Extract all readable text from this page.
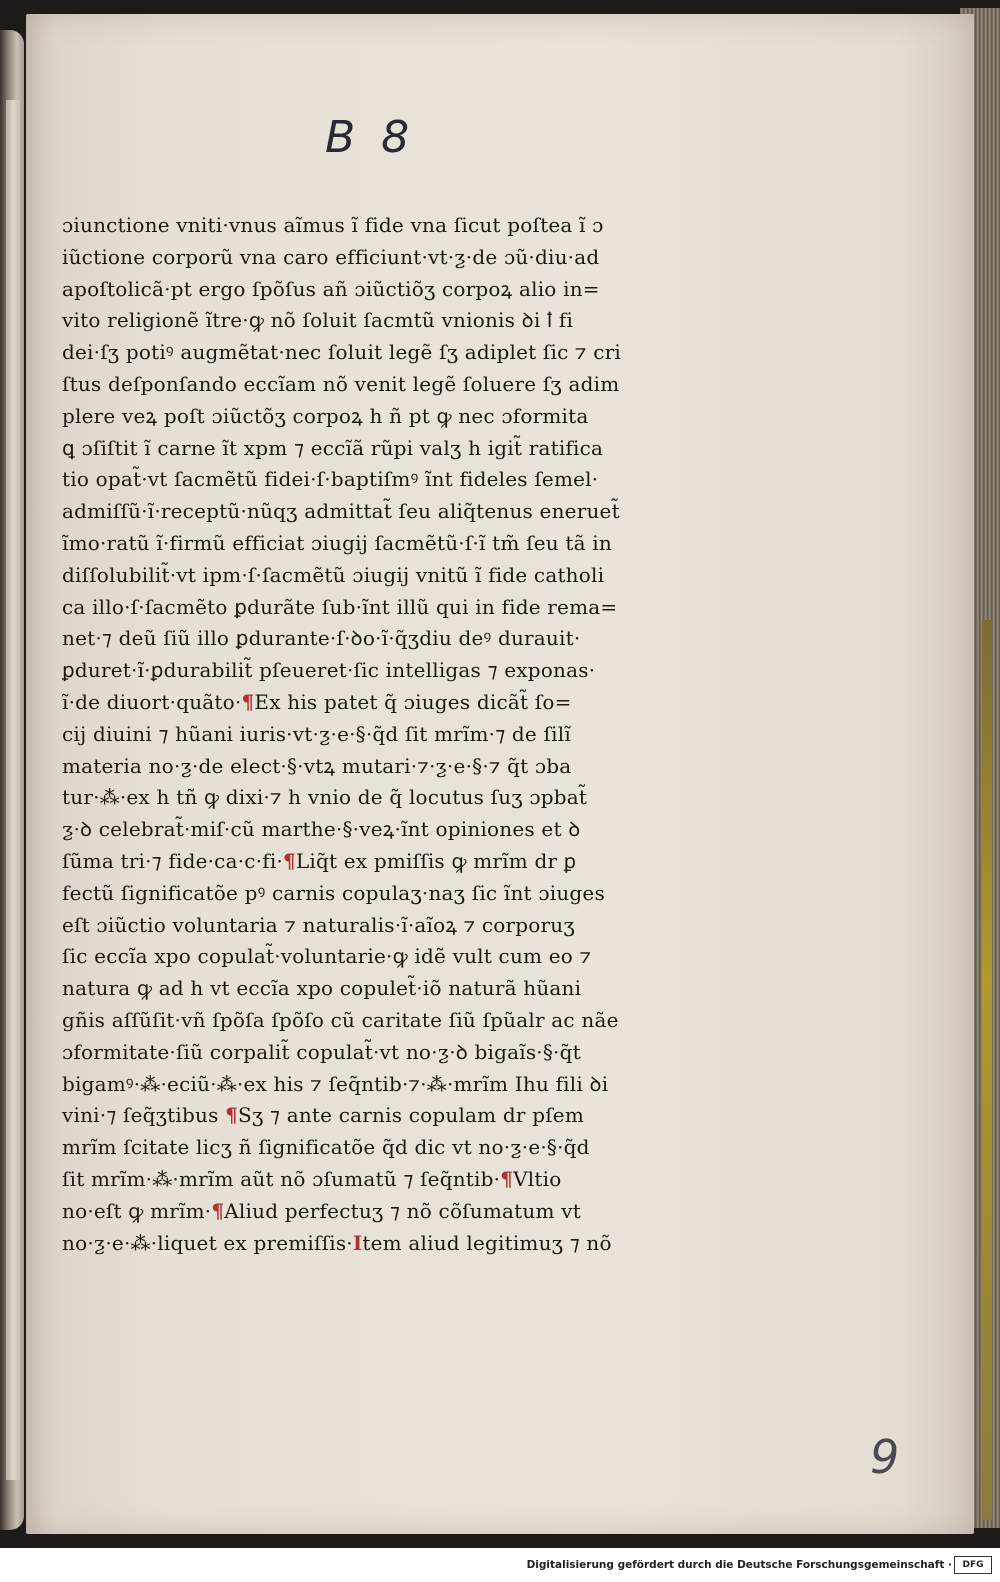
B 8
ɔiunctione vniti·vnus aĩmus ĩ fide vna ſicut poſtea ĩ ɔ
iũctione corporũ vna caro efficiunt·vt·ƺ·de ɔũ·diu·ad
apoſtolicã·pt ergo ſpõſus añ ɔiũctiõʒ corpoꝝ alio in=
vito religionẽ ĩtre·ꝙ nõ ſoluit ſacmtũ vnionis ꝺi ꝉ fi
dei·ſʒ potiꝰ augmẽtat·nec ſoluit legẽ ſʒ adiplet ſic ⁊ cri
ſtus deſponſando eccĩam nõ venit legẽ ſoluere ſʒ adim
plere veꝝ poſt ɔiũctõʒ corpoꝝ h ñ pt ꝙ nec ɔformita
ꝗ ɔſiſtit ĩ carne ĩt xpm ⁊ eccĩã rũpi valʒ h igit̃ ratifica
tio opat̃·vt ſacmẽtũ fidei·ſ·baptiſmꝰ ĩnt fideles ſemel·
admiſſũ·ĩ·receptũ·nũqʒ admittat̃ ſeu aliq̃tenus eneruet̃
ĩmo·ratũ ĩ·firmũ efficiat ɔiugij ſacmẽtũ·ſ·ĩ tm̃ ſeu tã in
diſſolubilit̃·vt ipm·ſ·ſacmẽtũ ɔiugij vnitũ ĩ fide catholi
ca illo·ſ·ſacmẽto ꝑdurãte ſub·ĩnt illũ qui in fide rema=
net·⁊ deũ ſiũ illo ꝑdurante·ſ·ꝺo·ĩ·q̃ʒdiu deꝰ durauit·
ꝑduret·ĩ·ꝑdurabilit̃ pſeueret·ſic intelligas ⁊ exponas·
ĩ·de diuort·quãto·¶Ex his patet q̃ ɔiuges dicãt̃ ſo=
cij diuini ⁊ hũani iuris·vt·ƺ·e·§·q̃d ſit mrĩm·⁊ de ſilĩ
materia no·ƺ·de elect·§·vtꝝ mutari·⁊·ƺ·e·§·⁊ q̃t ɔba
tur·⁂·ex h tñ ꝙ dixi·⁊ h vnio de q̃ locutus ſuʒ ɔpbat̃
ƺ·ꝺ celebrat̃·miſ·cũ marthe·§·veꝝ·ĩnt opiniones et ꝺ
ſũma tri·⁊ fide·ca·c·fi·¶Liq̃t ex pmiſſis ꝙ mrĩm dr ꝑ
fectũ ſignificatõe pꝰ carnis copulaʒ·naʒ ſic ĩnt ɔiuges
eſt ɔiũctio voluntaria ⁊ naturalis·ĩ·aĩoꝝ ⁊ corporuʒ
ſic eccĩa xpo copulat̃·voluntarie·ꝙ idẽ vult cum eo ⁊
natura ꝙ ad h vt eccĩa xpo copulet̃·iõ naturã hũani
gñis aſſũſit·vñ ſpõſa ſpõſo cũ caritate ſiũ ſpũalr ac nãe
ɔformitate·ſiũ corpalit̃ copulat̃·vt no·ƺ·ꝺ bigaĩs·§·q̃t
bigamꝰ·⁂·eciũ·⁂·ex his ⁊ ſeq̃ntib·⁊·⁂·mrĩm Ihu fili ꝺi
vini·⁊ ſeq̃ʒtibus ¶Sʒ ⁊ ante carnis copulam dr pſem
mrĩm ſcitate licʒ ñ ſignificatõe q̃d dic vt no·ƺ·e·§·q̃d
ſit mrĩm·⁂·mrĩm aũt nõ ɔſumatũ ⁊ ſeq̃ntib·¶Vltio
no·eſt ꝙ mrĩm·¶Aliud perfectuʒ ⁊ nõ cõſumatum vt
no·ƺ·e·⁂·liquet ex premiſſis·Item aliud legitimuʒ ⁊ nõ
9
Digitalisierung gefördert durch die Deutsche Forschungsgemeinschaft ·	DFG
